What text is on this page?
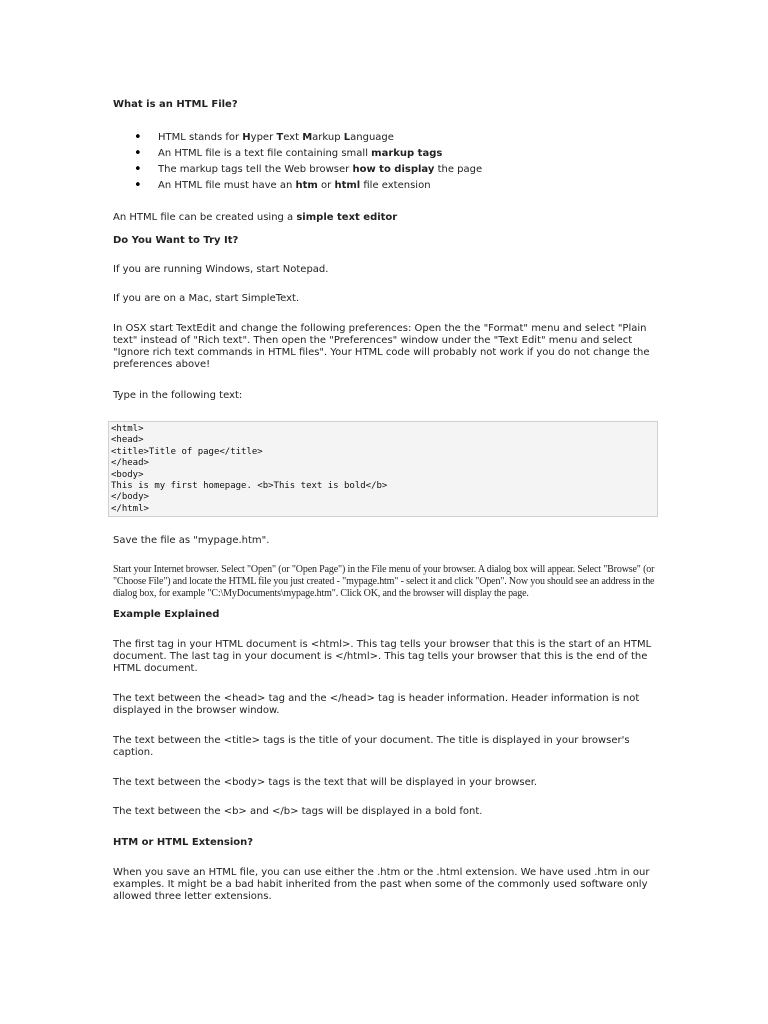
What is an HTML File?
• HTML stands for Hyper Text Markup Language
• An HTML file is a text file containing small markup tags
• The markup tags tell the Web browser how to display the page
• An HTML file must have an htm or html file extension

An HTML file can be created using a simple text editor

Do You Want to Try It?

If you are running Windows, start Notepad.

If you are on a Mac, start SimpleText.

In OSX start TextEdit and change the following preferences: Open the the "Format" menu and select "Plain text" instead of "Rich text". Then open the "Preferences" window under the "Text Edit" menu and select "Ignore rich text commands in HTML files". Your HTML code will probably not work if you do not change the preferences above!

Type in the following text:

<html>
<head>
<title>Title of page</title>
</head>
<body>
This is my first homepage. <b>This text is bold</b>
</body>
</html>

Save the file as "mypage.htm".

Start your Internet browser. Select "Open" (or "Open Page") in the File menu of your browser. A dialog box will appear. Select "Browse" (or "Choose File") and locate the HTML file you just created - "mypage.htm" - select it and click "Open". Now you should see an address in the dialog box, for example "C:\MyDocuments\mypage.htm". Click OK, and the browser will display the page.

Example Explained

The first tag in your HTML document is <html>. This tag tells your browser that this is the start of an HTML document. The last tag in your document is </html>. This tag tells your browser that this is the end of the HTML document.

The text between the <head> tag and the </head> tag is header information. Header information is not displayed in the browser window.

The text between the <title> tags is the title of your document. The title is displayed in your browser's caption.

The text between the <body> tags is the text that will be displayed in your browser.

The text between the <b> and </b> tags will be displayed in a bold font.

HTM or HTML Extension?

When you save an HTML file, you can use either the .htm or the .html extension. We have used .htm in our examples. It might be a bad habit inherited from the past when some of the commonly used software only allowed three letter extensions.
